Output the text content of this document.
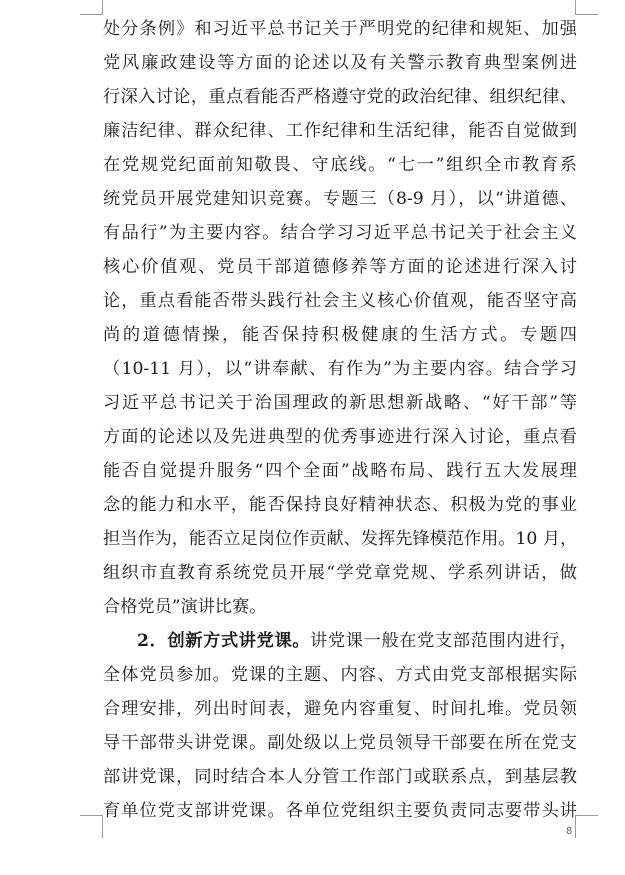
处分条例》和习近平总书记关于严明党的纪律和规矩、加强
党风廉政建设等方面的论述以及有关警示教育典型案例进
行深入讨论，重点看能否严格遵守党的政治纪律、组织纪律、
廉洁纪律、群众纪律、工作纪律和生活纪律，能否自觉做到
在党规党纪面前知敬畏、守底线。“七一”组织全市教育系
统党员开展党建知识竞赛。专题三（8-9 月），以“讲道德、
有品行”为主要内容。结合学习习近平总书记关于社会主义
核心价值观、党员干部道德修养等方面的论述进行深入讨
论，重点看能否带头践行社会主义核心价值观，能否坚守高
尚的道德情操，能否保持积极健康的生活方式。专题四
（10-11 月），以“讲奉献、有作为”为主要内容。结合学习
习近平总书记关于治国理政的新思想新战略、“好干部”等
方面的论述以及先进典型的优秀事迹进行深入讨论，重点看
能否自觉提升服务“四个全面”战略布局、践行五大发展理
念的能力和水平，能否保持良好精神状态、积极为党的事业
担当作为，能否立足岗位作贡献、发挥先锋模范作用。10 月，
组织市直教育系统党员开展“学党章党规、学系列讲话，做
合格党员”演讲比赛。
2．创新方式讲党课。讲党课一般在党支部范围内进行，
全体党员参加。党课的主题、内容、方式由党支部根据实际
合理安排，列出时间表，避免内容重复、时间扎堆。党员领
导干部带头讲党课。副处级以上党员领导干部要在所在党支
部讲党课，同时结合本人分管工作部门或联系点，到基层教
育单位党支部讲党课。各单位党组织主要负责同志要带头讲
8
